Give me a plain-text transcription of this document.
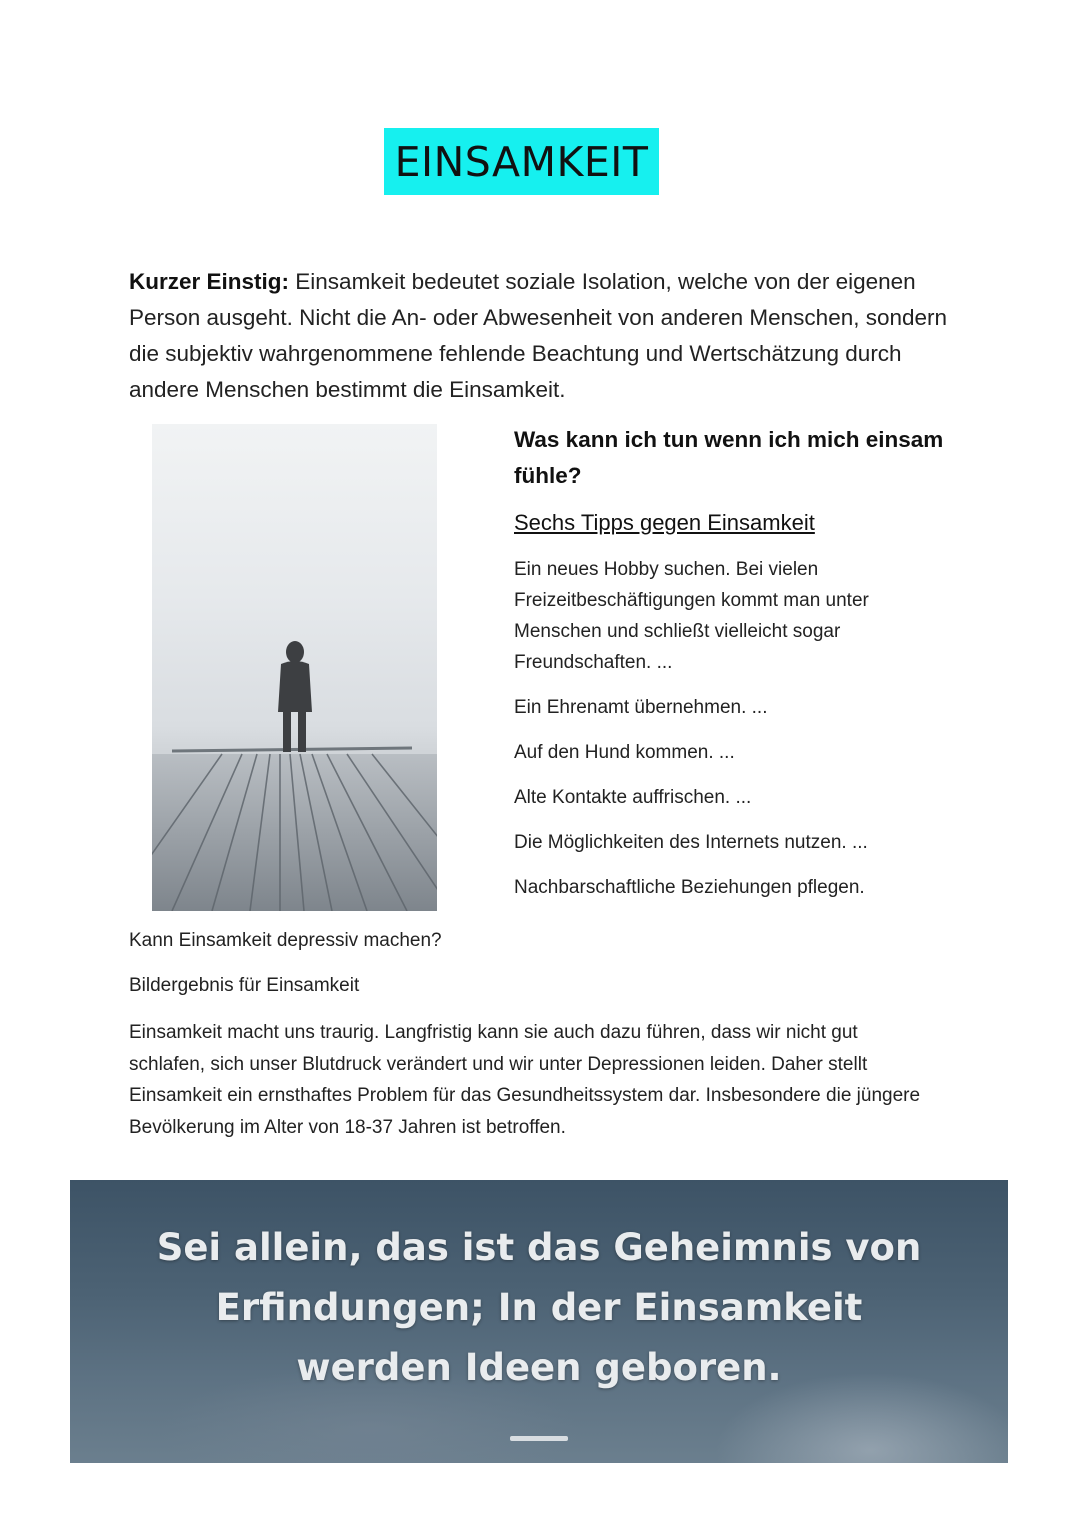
EINSAMKEIT
Kurzer Einstig: Einsamkeit bedeutet soziale Isolation, welche von der eigenen Person ausgeht. Nicht die An- oder Abwesenheit von anderen Menschen, sondern die subjektiv wahrgenommene fehlende Beachtung und Wertschätzung durch andere Menschen bestimmt die Einsamkeit.

Was kann ich tun wenn ich mich einsam fühle?

Sechs Tipps gegen Einsamkeit

Ein neues Hobby suchen. Bei vielen Freizeitbeschäftigungen kommt man unter Menschen und schließt vielleicht sogar Freundschaften. ...

Ein Ehrenamt übernehmen. ...

Auf den Hund kommen. ...

Alte Kontakte auffrischen. ...

Die Möglichkeiten des Internets nutzen. ...

Nachbarschaftliche Beziehungen pflegen.

Kann Einsamkeit depressiv machen?
Bildergebnis für Einsamkeit
Einsamkeit macht uns traurig. Langfristig kann sie auch dazu führen, dass wir nicht gut schlafen, sich unser Blutdruck verändert und wir unter Depressionen leiden. Daher stellt Einsamkeit ein ernsthaftes Problem für das Gesundheitssystem dar. Insbesondere die jüngere Bevölkerung im Alter von 18-37 Jahren ist betroffen.
Sei allein, das ist das Geheimnis von
Erfindungen; In der Einsamkeit
werden Ideen geboren.
